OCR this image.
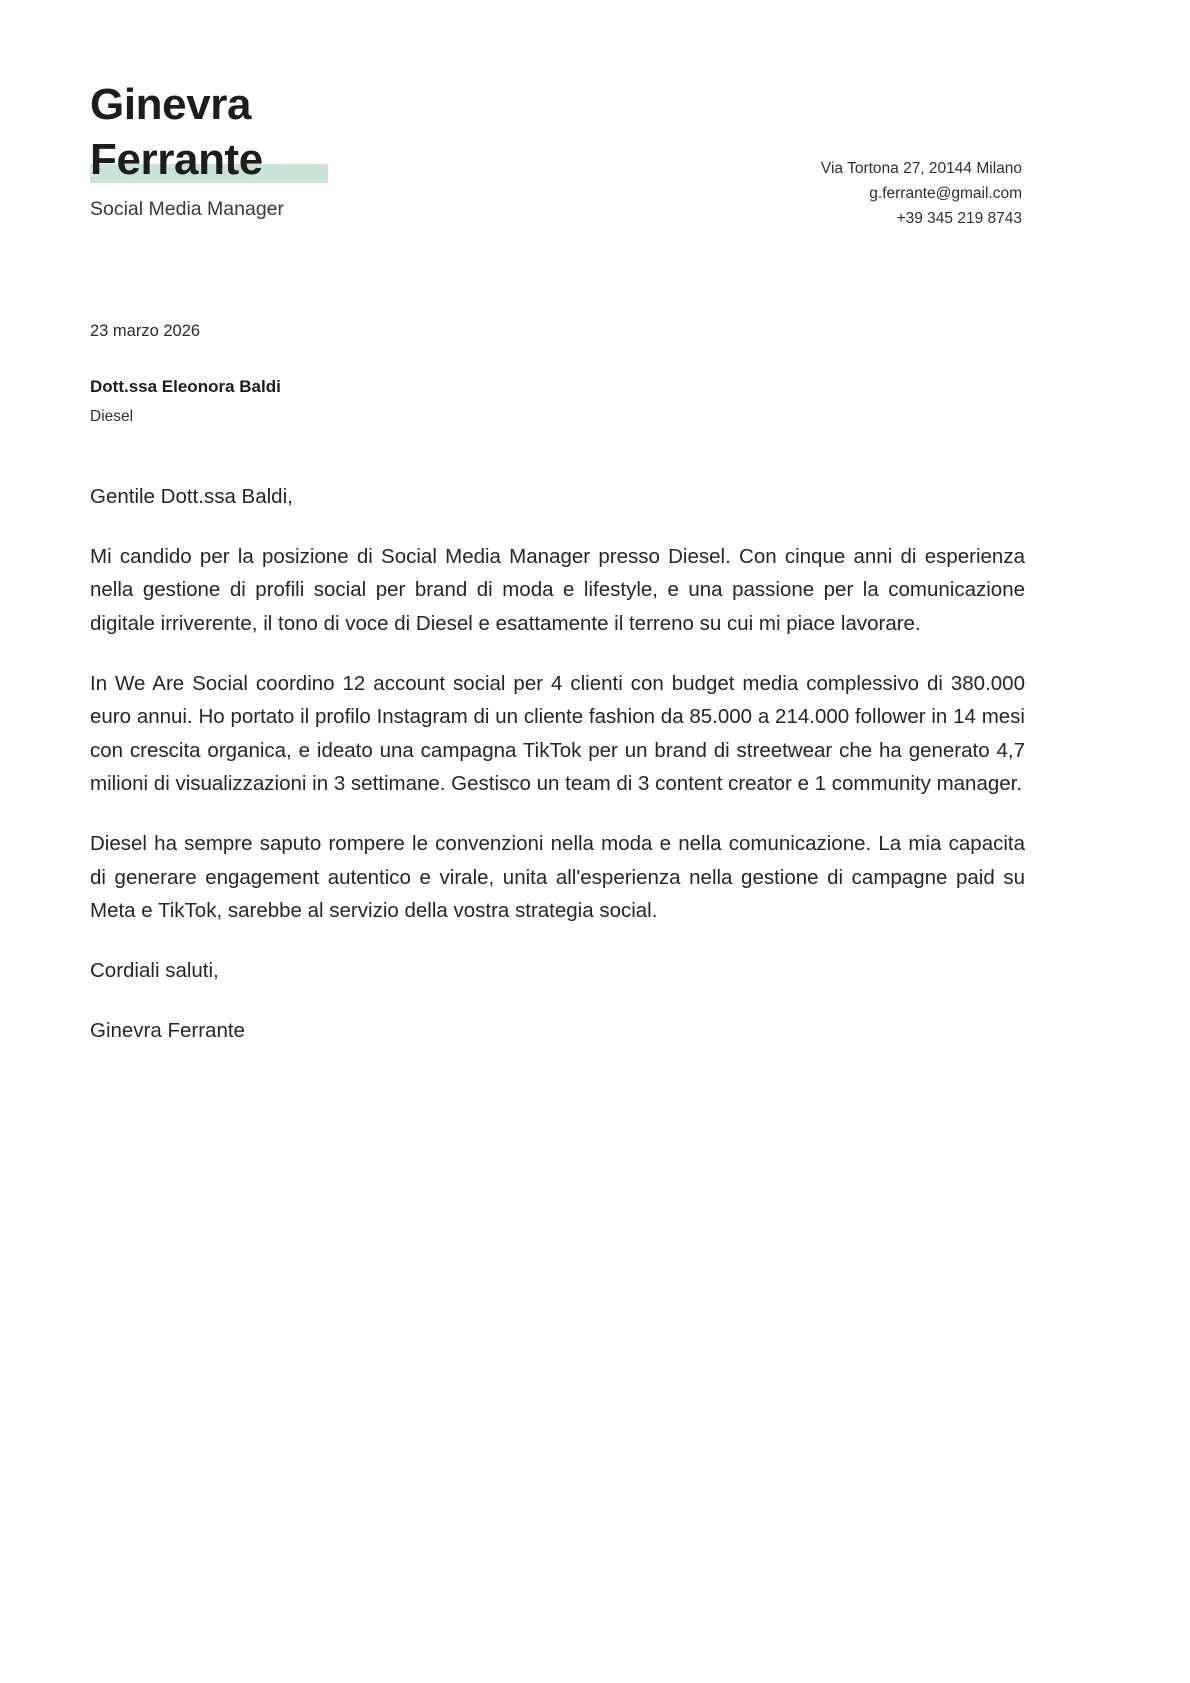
Ginevra
Ferrante
Social Media Manager
Via Tortona 27, 20144 Milano
g.ferrante@gmail.com
+39 345 219 8743
23 marzo 2026
Dott.ssa Eleonora Baldi
Diesel

Gentile Dott.ssa Baldi,

Mi candido per la posizione di Social Media Manager presso Diesel. Con cinque anni di esperienza nella gestione di profili social per brand di moda e lifestyle, e una passione per la comunicazione digitale irriverente, il tono di voce di Diesel e esattamente il terreno su cui mi piace lavorare.

In We Are Social coordino 12 account social per 4 clienti con budget media complessivo di 380.000 euro annui. Ho portato il profilo Instagram di un cliente fashion da 85.000 a 214.000 follower in 14 mesi con crescita organica, e ideato una campagna TikTok per un brand di streetwear che ha generato 4,7 milioni di visualizzazioni in 3 settimane. Gestisco un team di 3 content creator e 1 community manager.

Diesel ha sempre saputo rompere le convenzioni nella moda e nella comunicazione. La mia capacita di generare engagement autentico e virale, unita all'esperienza nella gestione di campagne paid su Meta e TikTok, sarebbe al servizio della vostra strategia social.

Cordiali saluti,

Ginevra Ferrante
